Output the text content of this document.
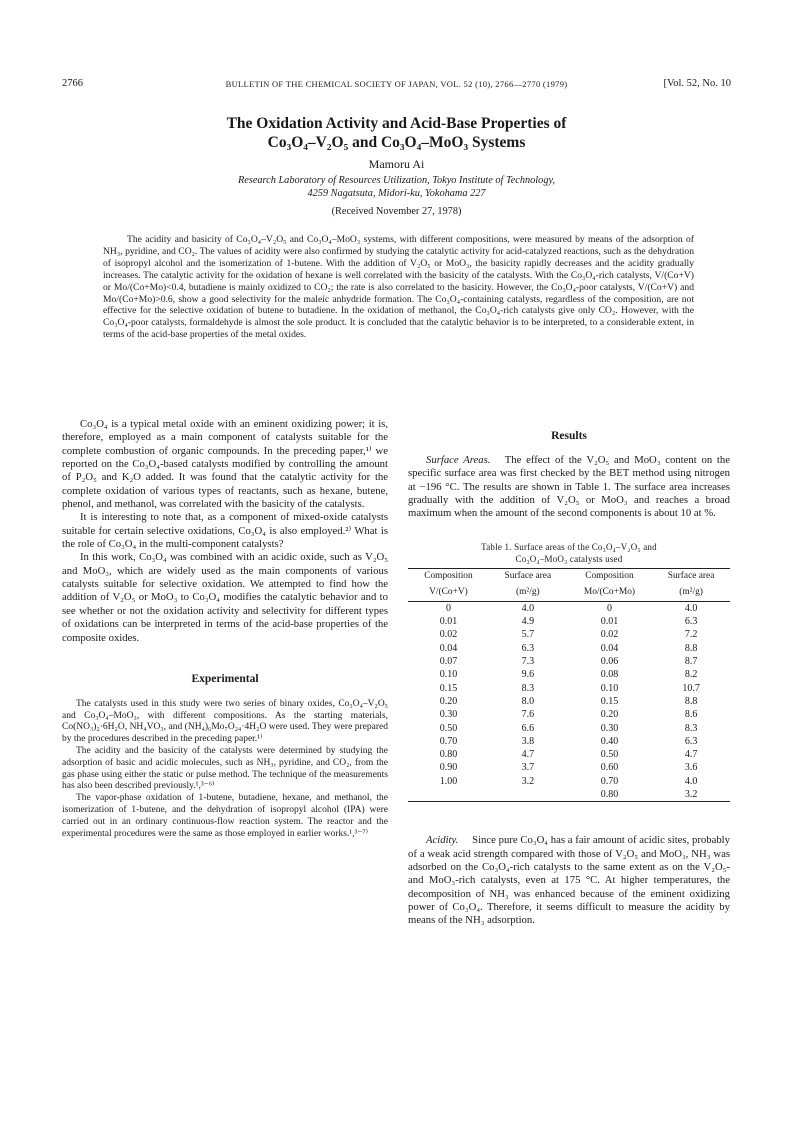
2766	BULLETIN OF THE CHEMICAL SOCIETY OF JAPAN, VOL. 52 (10), 2766—2770 (1979)	[Vol. 52, No. 10
The Oxidation Activity and Acid-Base Properties of
Co₃O₄–V₂O₅ and Co₃O₄–MoO₃ Systems
Mamoru Ai
Research Laboratory of Resources Utilization, Tokyo Institute of Technology,
4259 Nagatsuta, Midori-ku, Yokohama 227
(Received November 27, 1978)

The acidity and basicity of Co₃O₄–V₂O₅ and Co₃O₄–MoO₃ systems, with different compositions, were measured by means of the adsorption of NH₃, pyridine, and CO₂. The values of acidity were also confirmed by studying the catalytic activity for acid-catalyzed reactions, such as the dehydration of isopropyl alcohol and the isomerization of 1-butene. With the addition of V₂O₅ or MoO₃, the basicity rapidly decreases and the acidity gradually increases. The catalytic activity for the oxidation of hexane is well correlated with the basicity of the catalysts. With the Co₃O₄-rich catalysts, V/(Co+V) or Mo/(Co+Mo)<0.4, butadiene is mainly oxidized to CO₂; the rate is also correlated to the basicity. However, the Co₃O₄-poor catalysts, V/(Co+V) and Mo/(Co+Mo)>0.6, show a good selectivity for the maleic anhydride formation. The Co₃O₄-containing catalysts, regardless of the composition, are not effective for the selective oxidation of butene to butadiene. In the oxidation of methanol, the Co₃O₄-rich catalysts give only CO₂. However, with the Co₃O₄-poor catalysts, formaldehyde is almost the sole product. It is concluded that the catalytic behavior is to be interpreted, to a considerable extent, in terms of the acid-base properties of the metal oxides.

Co₃O₄ is a typical metal oxide with an eminent oxidizing power; it is, therefore, employed as a main component of catalysts suitable for the complete combustion of organic compounds. In the preceding paper,¹⁾ we reported on the Co₃O₄-based catalysts modified by controlling the amount of P₂O₅ and K₂O added. It was found that the catalytic activity for the complete oxidation of various types of reactants, such as hexane, butene, phenol, and methanol, was correlated with the basicity of the catalysts.

It is interesting to note that, as a component of mixed-oxide catalysts suitable for certain selective oxidations, Co₃O₄ is also employed.²⁾ What is the role of Co₃O₄ in the multi-component catalysts?

In this work, Co₃O₄ was combined with an acidic oxide, such as V₂O₅ and MoO₃, which are widely used as the main components of various catalysts suitable for selective oxidation. We attempted to find how the addition of V₂O₅ or MoO₃ to Co₃O₄ modifies the catalytic behavior and to see whether or not the oxidation activity and selectivity for different types of oxidations can be interpreted in terms of the acid-base properties of the composite oxides.

Experimental

The catalysts used in this study were two series of binary oxides, Co₃O₄–V₂O₅ and Co₃O₄–MoO₃, with different compositions. As the starting materials, Co(NO₃)₂·6H₂O, NH₄VO₃, and (NH₄)₆Mo₇O₂₄·4H₂O were used. They were prepared by the procedures described in the preceding paper.¹⁾

The acidity and the basicity of the catalysts were determined by studying the adsorption of basic and acidic molecules, such as NH₃, pyridine, and CO₂, from the gas phase using either the static or pulse method. The technique of the measurements has also been described previously.¹,³⁻⁶⁾

The vapor-phase oxidation of 1-butene, butadiene, hexane, and methanol, the isomerization of 1-butene, and the dehydration of isopropyl alcohol (IPA) were carried out in an ordinary continuous-flow reaction system. The reactor and the experimental procedures were the same as those employed in earlier works.¹,³⁻⁷⁾

Results

Surface Areas. The effect of the V₂O₅ and MoO₃ content on the specific surface area was first checked by the BET method using nitrogen at −196 °C. The results are shown in Table 1. The surface area increases gradually with the addition of V₂O₅ or MoO₃ and reaches a broad maximum when the amount of the second components is about 10 at %.

Table 1. Surface areas of the Co₃O₄–V₂O₅ and
Co₃O₄–MoO₃ catalysts used
Composition	Surface area	Composition	Surface area
V/(Co+V)	(m²/g)	Mo/(Co+Mo)	(m²/g)
0	4.0	0	4.0
0.01	4.9	0.01	6.3
0.02	5.7	0.02	7.2
0.04	6.3	0.04	8.8
0.07	7.3	0.06	8.7
0.10	9.6	0.08	8.2
0.15	8.3	0.10	10.7
0.20	8.0	0.15	8.8
0.30	7.6	0.20	8.6
0.50	6.6	0.30	8.3
0.70	3.8	0.40	6.3
0.80	4.7	0.50	4.7
0.90	3.7	0.60	3.6
1.00	3.2	0.70	4.0
		0.80	3.2

Acidity. Since pure Co₃O₄ has a fair amount of acidic sites, probably of a weak acid strength compared with those of V₂O₅ and MoO₃, NH₃ was adsorbed on the Co₃O₄-rich catalysts to the same extent as on the V₂O₅- and MoO₃-rich catalysts, even at 175 °C. At higher temperatures, the decomposition of NH₃ was enhanced because of the eminent oxidizing power of Co₃O₄. Therefore, it seems difficult to measure the acidity by means of the NH₃ adsorption.
